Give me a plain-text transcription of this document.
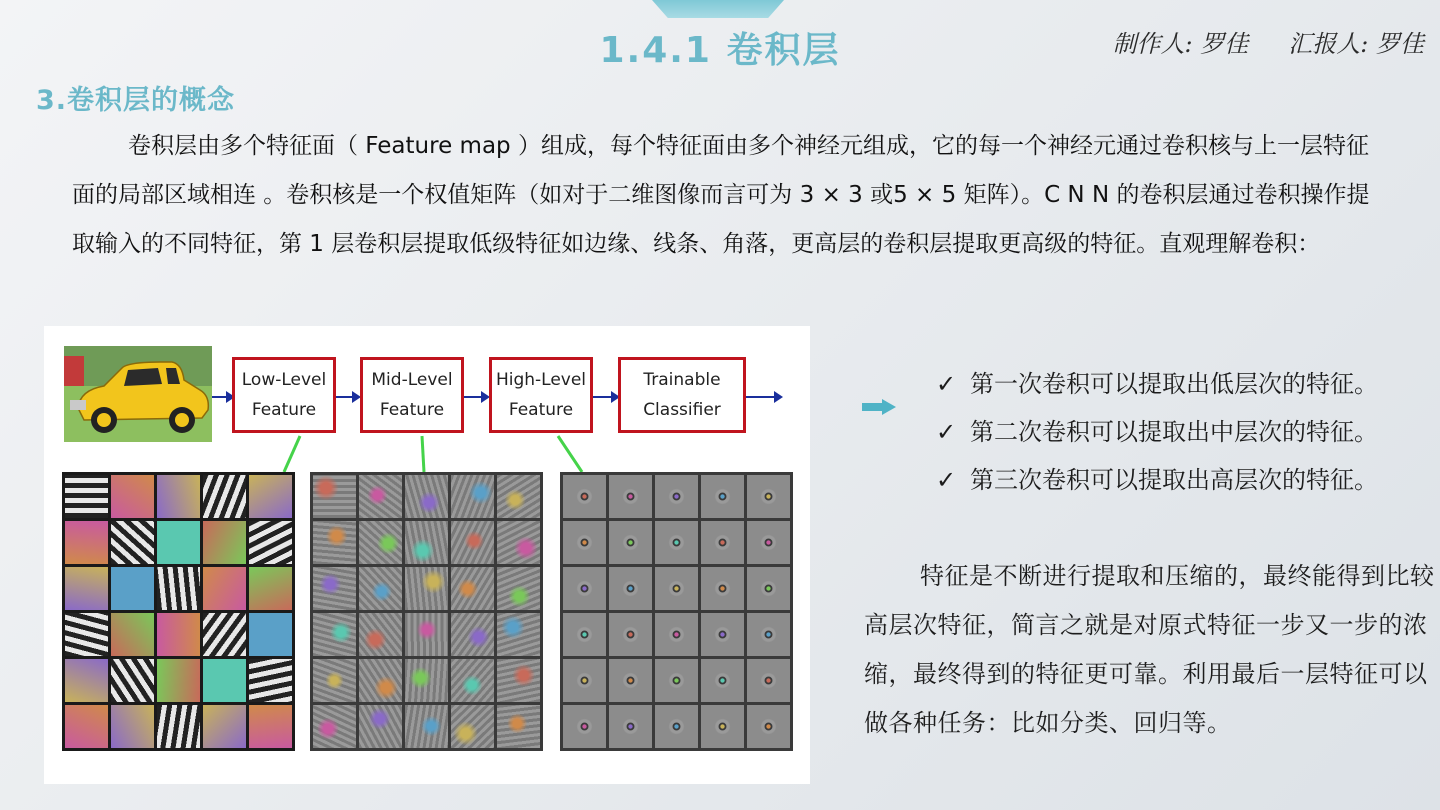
1.4.1 卷积层	制作人: 罗佳 汇报人: 罗佳
3.卷积层的概念
卷积层由多个特征面（ Feature map ）组成，每个特征面由多个神经元组成，它的每一个神经元通过卷积核与上一层特征面的局部区域相连 。卷积核是一个权值矩阵（如对于二维图像而言可为 3 × 3 或5 × 5 矩阵）。C N N 的卷积层通过卷积操作提取输入的不同特征，第 1 层卷积层提取低级特征如边缘、线条、角落，更高层的卷积层提取更高级的特征。直观理解卷积：
Low-Level
Feature
Mid-Level
Feature
High-Level
Feature
Trainable
Classifier
✓ 第一次卷积可以提取出低层次的特征。
✓ 第二次卷积可以提取出中层次的特征。
✓ 第三次卷积可以提取出高层次的特征。
特征是不断进行提取和压缩的，最终能得到比较高层次特征，简言之就是对原式特征一步又一步的浓缩，最终得到的特征更可靠。利用最后一层特征可以做各种任务：比如分类、回归等。
